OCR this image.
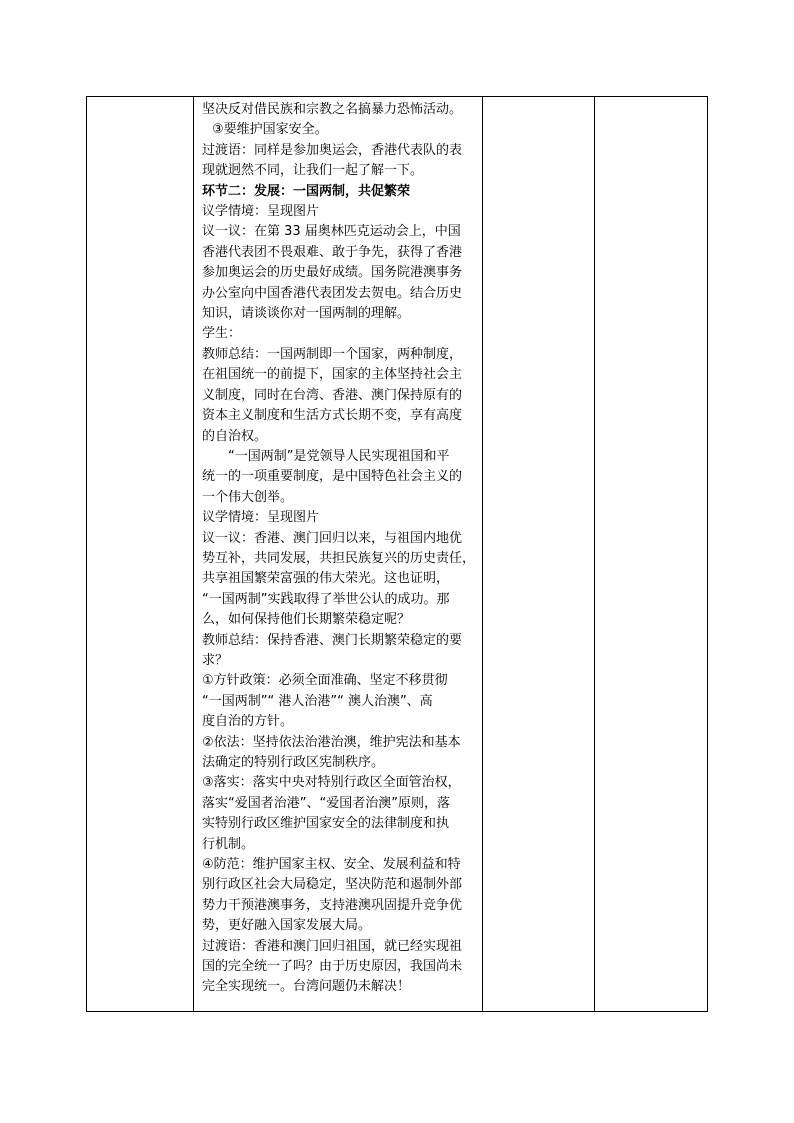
坚决反对借民族和宗教之名搞暴力恐怖活动。
③要维护国家安全。
过渡语：同样是参加奥运会，香港代表队的表
现就迥然不同，让我们一起了解一下。
环节二：发展：一国两制，共促繁荣
议学情境：呈现图片
议一议：在第 33 届奥林匹克运动会上，中国
香港代表团不畏艰难、敢于争先，获得了香港
参加奥运会的历史最好成绩。国务院港澳事务
办公室向中国香港代表团发去贺电。结合历史
知识，请谈谈你对一国两制的理解。
学生：
教师总结：一国两制即一个国家，两种制度，
在祖国统一的前提下，国家的主体坚持社会主
义制度，同时在台湾、香港、澳门保持原有的
资本主义制度和生活方式长期不变，享有高度
的自治权。
“一国两制”是党领导人民实现祖国和平
统一的一项重要制度，是中国特色社会主义的
一个伟大创举。
议学情境：呈现图片
议一议：香港、澳门回归以来，与祖国内地优
势互补，共同发展，共担民族复兴的历史责任，
共享祖国繁荣富强的伟大荣光。这也证明，
“一国两制”实践取得了举世公认的成功。那
么，如何保持他们长期繁荣稳定呢？
教师总结：保持香港、澳门长期繁荣稳定的要
求？
①方针政策：必须全面准确、坚定不移贯彻
“一国两制”“ 港人治港”“ 澳人治澳”、高
度自治的方针。
②依法：坚持依法治港治澳，维护宪法和基本
法确定的特别行政区宪制秩序。
③落实：落实中央对特别行政区全面管治权，
落实“爱国者治港”、“爱国者治澳”原则，落
实特别行政区维护国家安全的法律制度和执
行机制。
④防范：维护国家主权、安全、发展利益和特
别行政区社会大局稳定，坚决防范和遏制外部
势力干预港澳事务，支持港澳巩固提升竞争优
势，更好融入国家发展大局。
过渡语：香港和澳门回归祖国，就已经实现祖
国的完全统一了吗？由于历史原因，我国尚未
完全实现统一。台湾问题仍未解决！
